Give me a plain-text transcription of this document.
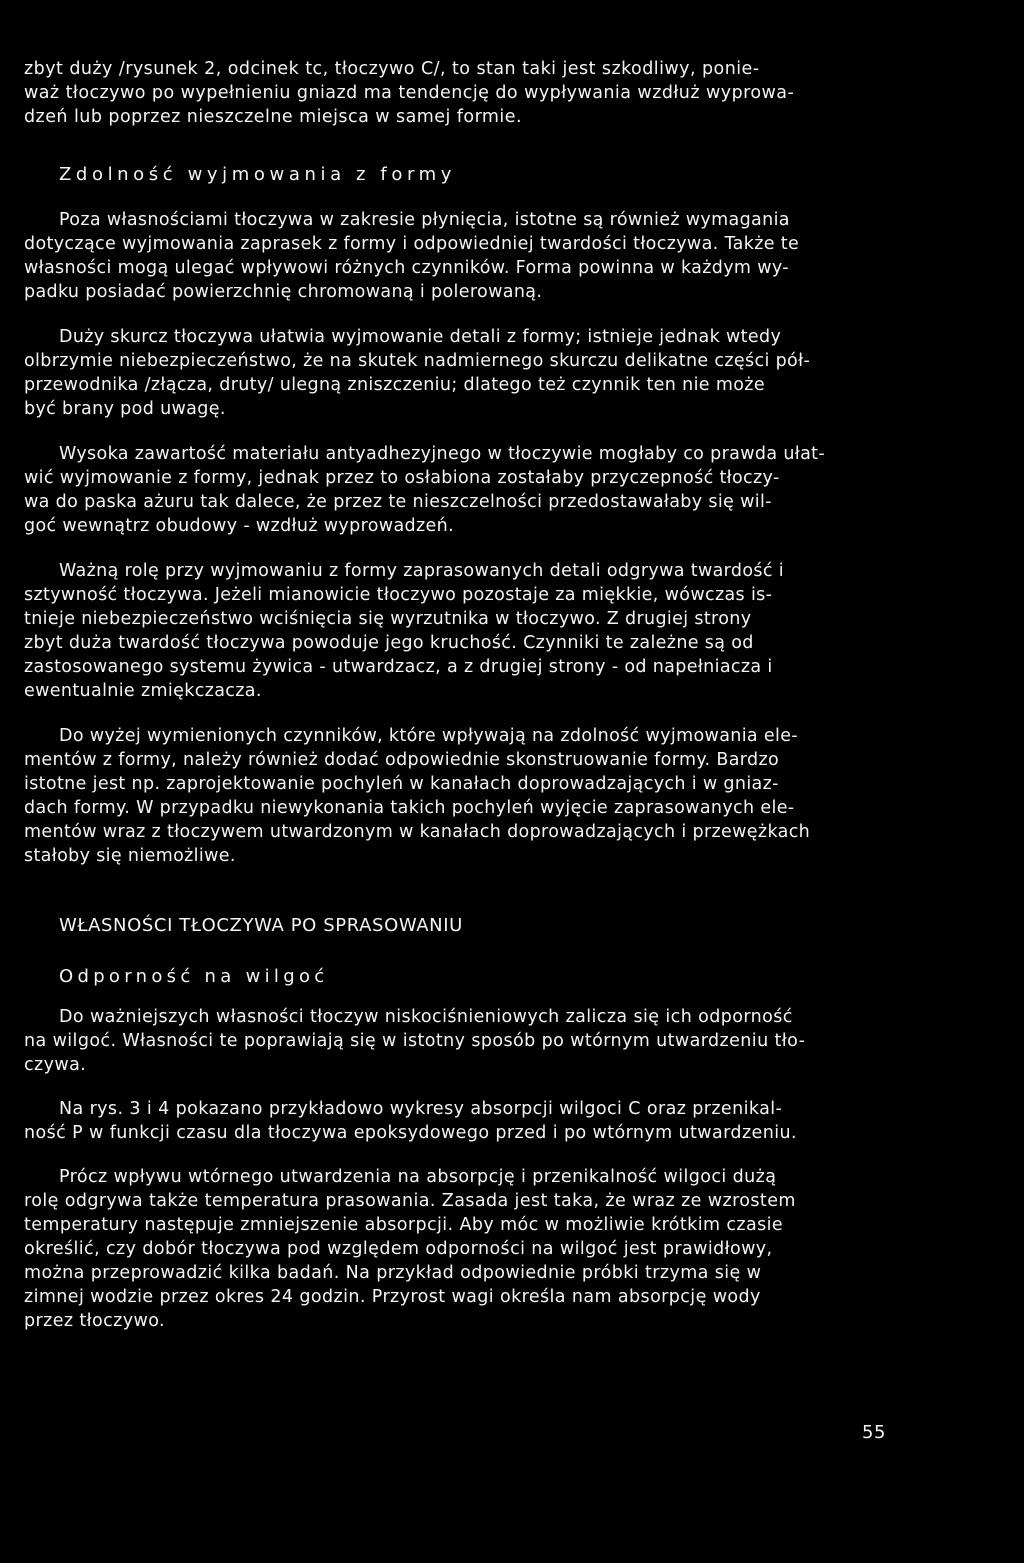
zbyt duży /rysunek 2, odcinek tᴄ, tłoczywo C/, to stan taki jest szkodliwy, ponie-
waż tłoczywo po wypełnieniu gniazd ma tendencję do wypływania wzdłuż wyprowa-
dzeń lub poprzez nieszczelne miejsca w samej formie.
Zdolność wyjmowania z formy
Poza własnościami tłoczywa w zakresie płynięcia, istotne są również wymagania
dotyczące wyjmowania zaprasek z formy i odpowiedniej twardości tłoczywa. Także te
własności mogą ulegać wpływowi różnych czynników. Forma powinna w każdym wy-
padku posiadać powierzchnię chromowaną i polerowaną.
Duży skurcz tłoczywa ułatwia wyjmowanie detali z formy; istnieje jednak wtedy
olbrzymie niebezpieczeństwo, że na skutek nadmiernego skurczu delikatne części pół-
przewodnika /złącza, druty/ ulegną zniszczeniu; dlatego też czynnik ten nie może
być brany pod uwagę.
Wysoka zawartość materiału antyadhezyjnego w tłoczywie mogłaby co prawda ułat-
wić wyjmowanie z formy, jednak przez to osłabiona zostałaby przyczepność tłoczy-
wa do paska ażuru tak dalece, że przez te nieszczelności przedostawałaby się wil-
goć wewnątrz obudowy - wzdłuż wyprowadzeń.
Ważną rolę przy wyjmowaniu z formy zaprasowanych detali odgrywa twardość i
sztywność tłoczywa. Jeżeli mianowicie tłoczywo pozostaje za miękkie, wówczas is-
tnieje niebezpieczeństwo wciśnięcia się wyrzutnika w tłoczywo. Z drugiej strony
zbyt duża twardość tłoczywa powoduje jego kruchość. Czynniki te zależne są od
zastosowanego systemu żywica - utwardzacz, a z drugiej strony - od napełniacza i
ewentualnie zmiękczacza.
Do wyżej wymienionych czynników, które wpływają na zdolność wyjmowania ele-
mentów z formy, należy również dodać odpowiednie skonstruowanie formy. Bardzo
istotne jest np. zaprojektowanie pochyleń w kanałach doprowadzających i w gniaz-
dach formy. W przypadku niewykonania takich pochyleń wyjęcie zaprasowanych ele-
mentów wraz z tłoczywem utwardzonym w kanałach doprowadzających i przewężkach
stałoby się niemożliwe.
WŁASNOŚCI TŁOCZYWA PO SPRASOWANIU
Odporność na wilgoć
Do ważniejszych własności tłoczyw niskociśnieniowych zalicza się ich odporność
na wilgoć. Własności te poprawiają się w istotny sposób po wtórnym utwardzeniu tło-
czywa.
Na rys. 3 i 4 pokazano przykładowo wykresy absorpcji wilgoci C oraz przenikal-
ność P w funkcji czasu dla tłoczywa epoksydowego przed i po wtórnym utwardzeniu.
Prócz wpływu wtórnego utwardzenia na absorpcję i przenikalność wilgoci dużą
rolę odgrywa także temperatura prasowania. Zasada jest taka, że wraz ze wzrostem
temperatury następuje zmniejszenie absorpcji. Aby móc w możliwie krótkim czasie
określić, czy dobór tłoczywa pod względem odporności na wilgoć jest prawidłowy,
można przeprowadzić kilka badań. Na przykład odpowiednie próbki trzyma się w
zimnej wodzie przez okres 24 godzin. Przyrost wagi określa nam absorpcję wody
przez tłoczywo.
55
